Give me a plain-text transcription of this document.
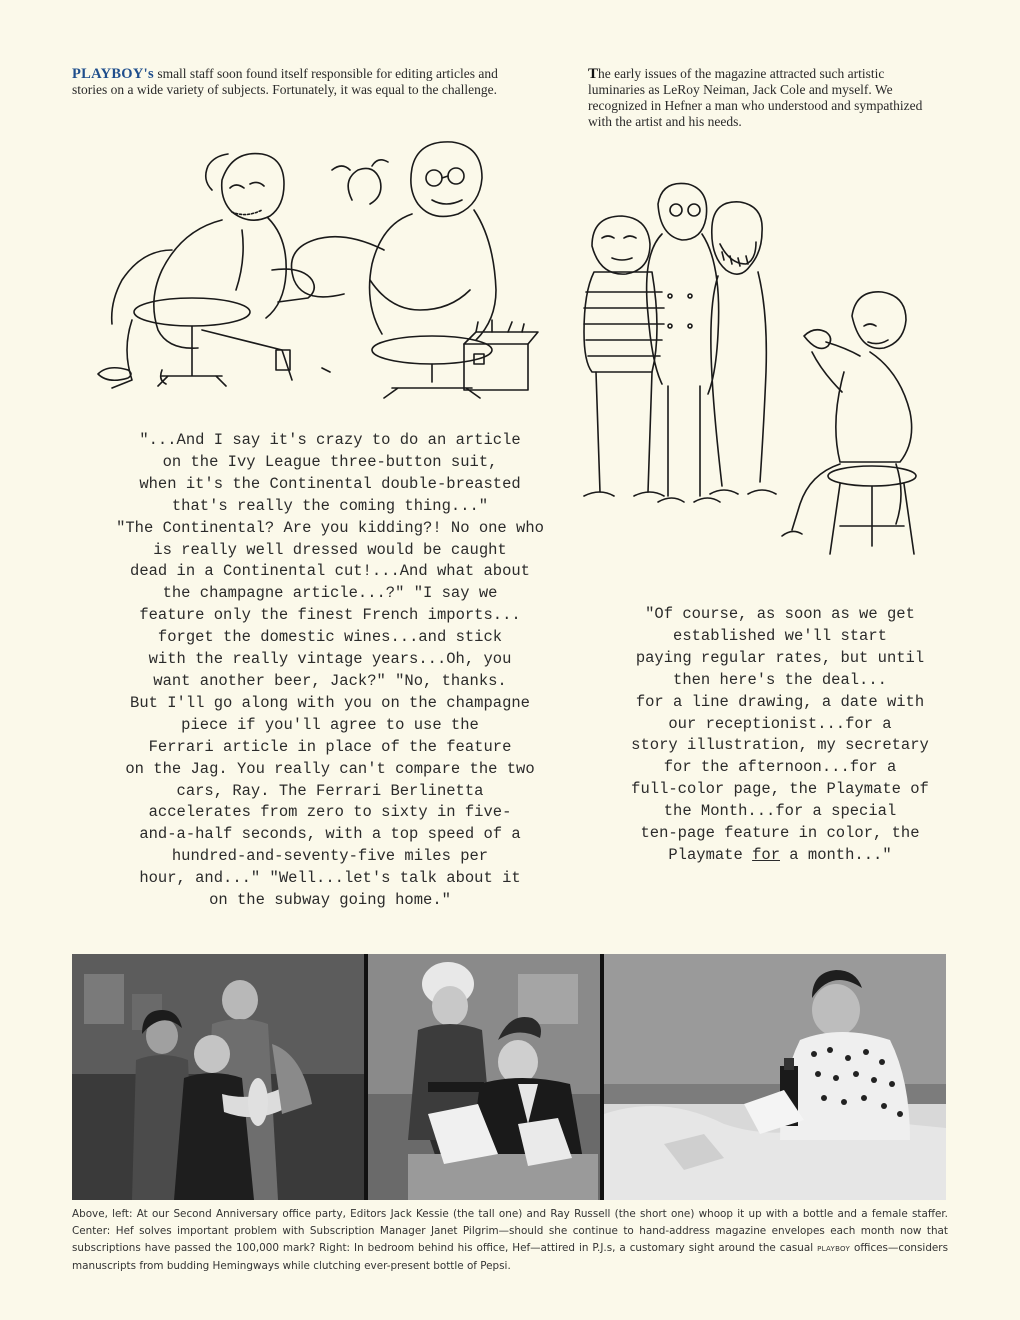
PLAYBOY's small staff soon found itself responsible for editing articles and stories on a wide variety of subjects. Fortunately, it was equal to the challenge.
The early issues of the magazine attracted such artistic luminaries as LeRoy Neiman, Jack Cole and myself. We recognized in Hefner a man who understood and sympathized with the artist and his needs.
"...And I say it's crazy to do an article
on the Ivy League three-button suit,
when it's the Continental double-breasted
that's really the coming thing..."
"The Continental? Are you kidding?! No one who
is really well dressed would be caught
dead in a Continental cut!...And what about
the champagne article...?" "I say we
feature only the finest French imports...
forget the domestic wines...and stick
with the really vintage years...Oh, you
want another beer, Jack?" "No, thanks.
But I'll go along with you on the champagne
piece if you'll agree to use the
Ferrari article in place of the feature
on the Jag. You really can't compare the two
cars, Ray. The Ferrari Berlinetta
accelerates from zero to sixty in five-
and-a-half seconds, with a top speed of a
hundred-and-seventy-five miles per
hour, and..." "Well...let's talk about it
on the subway going home."
"Of course, as soon as we get
established we'll start
paying regular rates, but until
then here's the deal...
for a line drawing, a date with
our receptionist...for a
story illustration, my secretary
for the afternoon...for a
full-color page, the Playmate of
the Month...for a special
ten-page feature in color, the
Playmate for a month..."
Above, left: At our Second Anniversary office party, Editors Jack Kessie (the tall one) and Ray Russell (the short one) whoop it up with a bottle and a female staffer. Center: Hef solves important problem with Subscription Manager Janet Pilgrim—should she continue to hand-address magazine envelopes each month now that subscriptions have passed the 100,000 mark? Right: In bedroom behind his office, Hef—attired in P.J.s, a customary sight around the casual PLAYBOY offices—considers manuscripts from budding Hemingways while clutching ever-present bottle of Pepsi.
